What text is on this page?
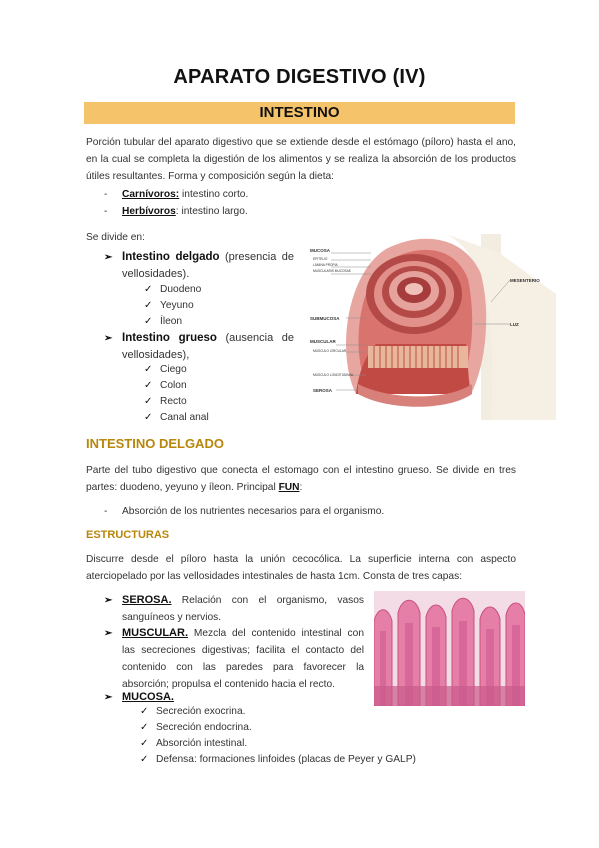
APARATO DIGESTIVO (IV)
INTESTINO
Porción tubular del aparato digestivo que se extiende desde el estómago (píloro) hasta el ano, en la cual se completa la digestión de los alimentos y se realiza la absorción de los productos útiles resultantes. Forma y composición según la dieta:
- Carnívoros: intestino corto.
- Herbívoros: intestino largo.
Se divide en:
➢ Intestino delgado (presencia de vellosidades).
✓ Duodeno
✓ Yeyuno
✓ Íleon
➢ Intestino grueso (ausencia de vellosidades),
✓ Ciego
✓ Colon
✓ Recto
✓ Canal anal
MUCOSA
EPITELIO
LÁMINA PROPIA
MUSCULARIS MUCOSAE
SUBMUCOSA
MUSCULAR
MÚSCULO CIRCULAR
MÚSCULO LONGITUDINAL
SEROSA
MESENTERIO
LUZ
INTESTINO DELGADO
Parte del tubo digestivo que conecta el estomago con el intestino grueso. Se divide en tres partes: duodeno, yeyuno y íleon. Principal FUN:
- Absorción de los nutrientes necesarios para el organismo.
ESTRUCTURAS
Discurre desde el píloro hasta la unión cecocólica. La superficie interna con aspecto aterciopelado por las vellosidades intestinales de hasta 1cm. Consta de tres capas:
➢ SEROSA. Relación con el organismo, vasos sanguíneos y nervios.
➢ MUSCULAR. Mezcla del contenido intestinal con las secreciones digestivas; facilita el contacto del contenido con las paredes para favorecer la absorción; propulsa el contenido hacia el recto.
➢ MUCOSA.
✓ Secreción exocrina.
✓ Secreción endocrina.
✓ Absorción intestinal.
✓ Defensa: formaciones linfoides (placas de Peyer y GALP)
